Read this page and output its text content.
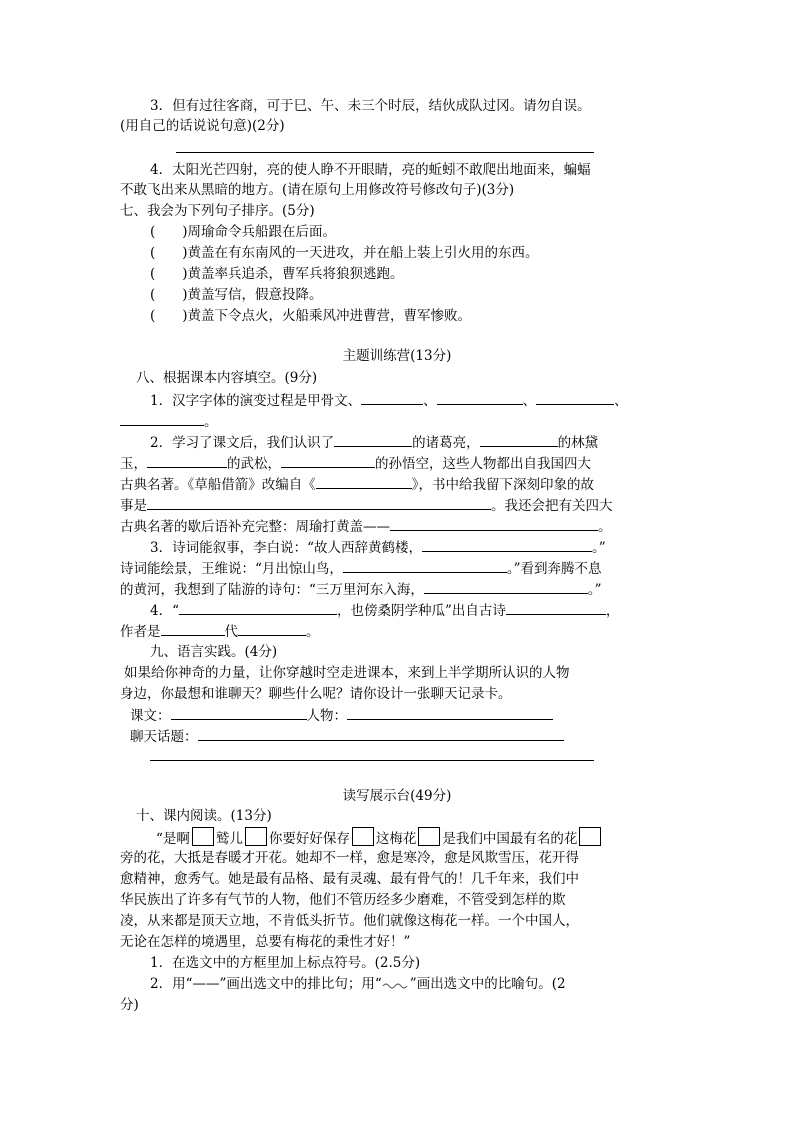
3．但有过往客商，可于巳、午、未三个时辰，结伙成队过冈。请勿自误。
(用自己的话说说句意)(2分)
4．太阳光芒四射，亮的使人睁不开眼睛，亮的蚯蚓不敢爬出地面来，蝙蝠
不敢飞出来从黑暗的地方。(请在原句上用修改符号修改句子)(3分)
七、我会为下列句子排序。(5分)
(　　)周瑜命令兵船跟在后面。
(　　)黄盖在有东南风的一天进攻，并在船上装上引火用的东西。
(　　)黄盖率兵追杀，曹军兵将狼狈逃跑。
(　　)黄盖写信，假意投降。
(　　)黄盖下令点火，火船乘风冲进曹营，曹军惨败。
主题训练营(13分)
八、根据课本内容填空。(9分)
1．汉字字体的演变过程是甲骨文、	、	、	、
。
2．学习了课文后，我们认识了	的诸葛亮，	的林黛
玉，	的武松，	的孙悟空，这些人物都出自我国四大
古典名著。《草船借箭》改编自《	》，书中给我留下深刻印象的故
事是	。我还会把有关四大
古典名著的歇后语补充完整：周瑜打黄盖——	。
3．诗词能叙事，李白说：“故人西辞黄鹤楼，	。”
诗词能绘景，王维说：“月出惊山鸟，	。”看到奔腾不息
的黄河，我想到了陆游的诗句：“三万里河东入海，	。”
4．“	，也傍桑阴学种瓜”出自古诗	，
作者是	代	。
九、语言实践。(4分)
如果给你神奇的力量，让你穿越时空走进课本，来到上半学期所认识的人物
身边，你最想和谁聊天？聊些什么呢？请你设计一张聊天记录卡。
课文：	人物：
聊天话题：
读写展示台(49分)
十、课内阅读。(13分)
“是啊 鹫儿 你要好好保存 这梅花 是我们中国最有名的花
旁的花，大抵是春暖才开花。她却不一样，愈是寒冷，愈是风欺雪压，花开得
愈精神，愈秀气。她是最有品格、最有灵魂、最有骨气的！几千年来，我们中
华民族出了许多有气节的人物，他们不管历经多少磨难，不管受到怎样的欺
凌，从来都是顶天立地，不肯低头折节。他们就像这梅花一样。一个中国人，
无论在怎样的境遇里，总要有梅花的秉性才好！”
1．在选文中的方框里加上标点符号。(2.5分)
2．用“——”画出选文中的排比句；用“ ”画出选文中的比喻句。(2
分)
